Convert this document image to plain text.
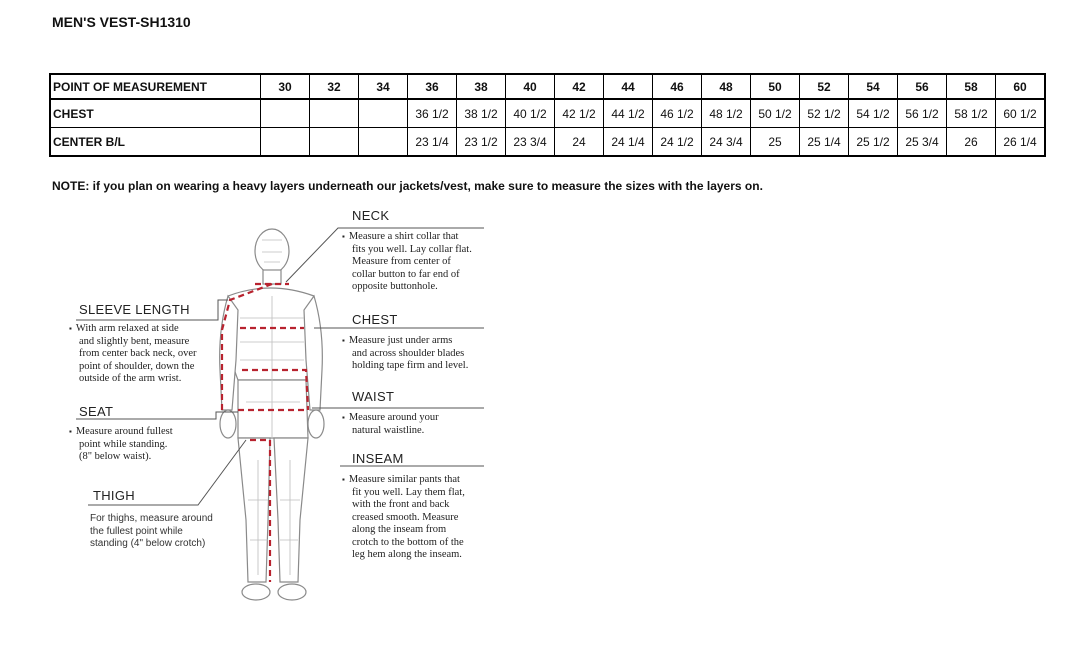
MEN'S VEST-SH1310
POINT OF MEASUREMENT	30	32	34	36	38	40	42	44	46	48	50	52	54	56	58	60
CHEST				36 1/2	38 1/2	40 1/2	42 1/2	44 1/2	46 1/2	48 1/2	50 1/2	52 1/2	54 1/2	56 1/2	58 1/2	60 1/2
CENTER B/L				23 1/4	23 1/2	23 3/4	24	24 1/4	24 1/2	24 3/4	25	25 1/4	25 1/2	25 3/4	26	26 1/4
NOTE: if you plan on wearing a heavy layers underneath our jackets/vest, make sure to measure the sizes with the layers on.
NECK
▪ Measure a shirt collar that
fits you well. Lay collar flat.
Measure from center of
collar button to far end of
opposite buttonhole.
CHEST
▪ Measure just under arms
and across shoulder blades
holding tape firm and level.
WAIST
▪ Measure around your
natural waistline.
INSEAM
▪ Measure similar pants that
fit you well. Lay them flat,
with the front and back
creased smooth. Measure
along the inseam from
crotch to the bottom of the
leg hem along the inseam.
SLEEVE LENGTH
▪ With arm relaxed at side
and slightly bent, measure
from center back neck, over
point of shoulder, down the
outside of the arm wrist.
SEAT
▪ Measure around fullest
point while standing.
(8" below waist).
THIGH
For thighs, measure around
the fullest point while
standing (4" below crotch)
